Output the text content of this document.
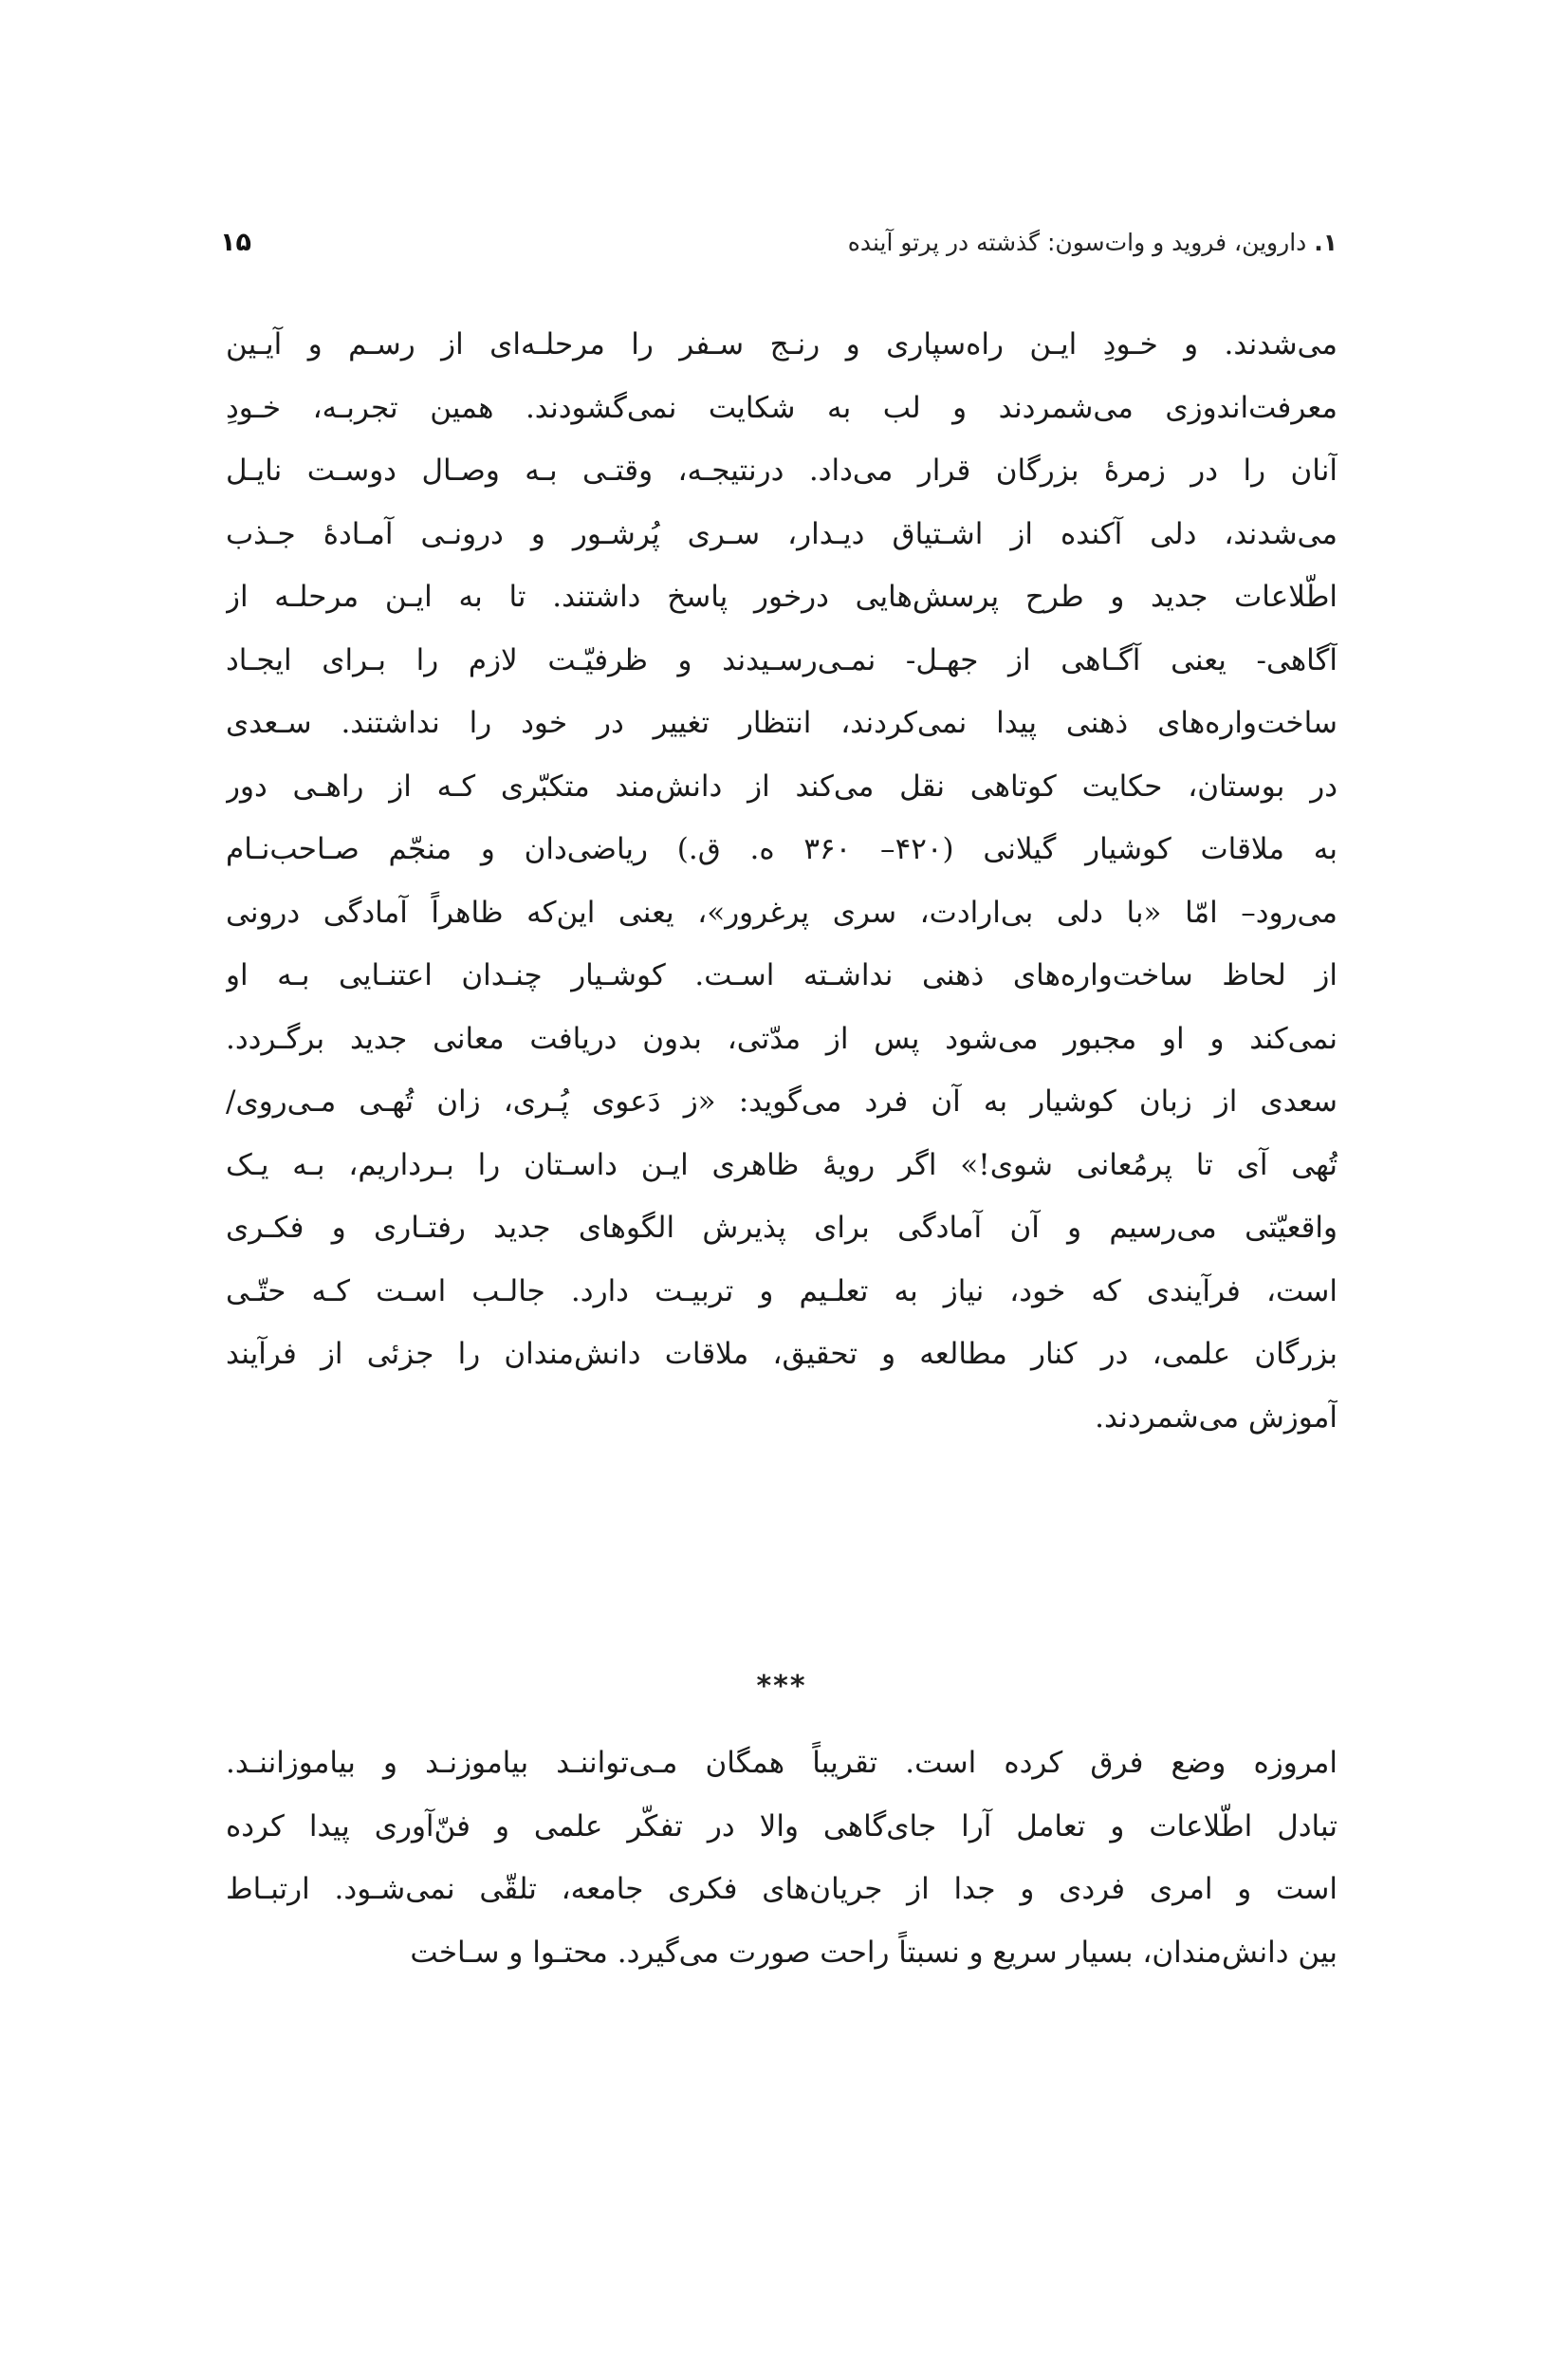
۱. داروین، فروید و وات‌سون: گذشته در پرتو آینده
۱۵
می‌شدند. و خـودِ ایـن راه‌سپاری و رنـج سـفر را مرحلـه‌ای از رسـم و آیـین
معرفت‌اندوزی می‌شمردند و لب به شکایت نمی‌گشودند. همین تجربـه، خـودِ
آنان را در زمرهٔ بزرگان قرار می‌داد. درنتیجـه، وقتـی بـه وصـال دوسـت نایـل
می‌شدند، دلی آکنده از اشـتیاق دیـدار، سـری پُرشـور و درونـی آمـادهٔ جـذب
اطّلاعات جدید و طرح پرسش‌هایی درخور پاسخ داشتند. تا به ایـن مرحلـه از
آگاهی- یعنی آگـاهی از جهـل- نمـی‌رسـیدند و ظرفیّـت لازم را بـرای ایجـاد
ساخت‌واره‌های ذهنی پیدا نمی‌کردند، انتظار تغییر در خود را نداشتند. سـعدی
در بوستان، حکایت کوتاهی نقل می‌کند از دانش‌مند متکبّری کـه از راهـی دور
به ملاقات کوشیار گیلانی (۴۲۰– ۳۶۰ ه. ق.) ریاضی‌دان و منجّم صـاحب‌نـام
می‌رود– امّا «با دلی بی‌ارادت، سری پرغرور»، یعنی این‌که ظاهراً آمادگی درونی
از لحاظ ساخت‌واره‌های ذهنی نداشـته اسـت. کوشـیار چنـدان اعتنـایی بـه او
نمی‌کند و او مجبور می‌شود پس از مدّتی، بدون دریافت معانی جدید برگـردد.
سعدی از زبان کوشیار به آن فرد می‌گوید: «ز دَعوی پُـری، زان تُهـی مـی‌روی/
تُهی آی تا پرمُعانی شوی!» اگر رویهٔ ظاهری ایـن داسـتان را بـرداریم، بـه یـک
واقعیّتی می‌رسیم و آن آمادگی برای پذیرش الگوهای جدید رفتـاری و فکـری
است، فرآیندی که خود، نیاز به تعلـیم و تربیـت دارد. جالـب اسـت کـه حتّـی
بزرگان علمی، در کنار مطالعه و تحقیق، ملاقات دانش‌مندان را جزئی از فرآیند
آموزش می‌شمردند.
***
امروزه وضع فرق کرده است. تقریباً همگان مـی‌تواننـد بیاموزنـد و بیاموزاننـد.
تبادل اطّلاعات و تعامل آرا جای‌گاهی والا در تفکّر علمی و فنّ‌آوری پیدا کرده
است و امری فردی و جدا از جریان‌های فکری جامعه، تلقّی نمی‌شـود. ارتبـاط
بین دانش‌مندان، بسیار سریع و نسبتاً راحت صورت می‌گیرد. محتـوا و سـاخت
